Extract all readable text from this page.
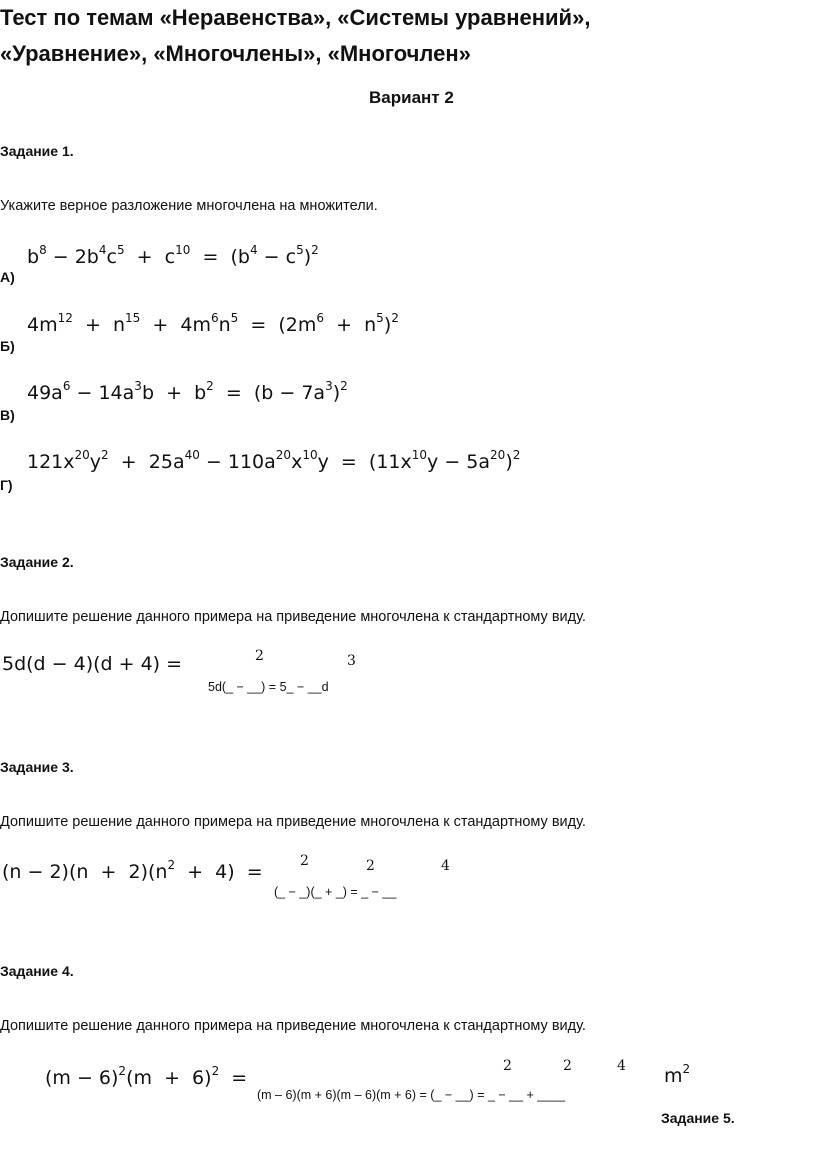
Тест по темам «Неравенства», «Системы уравнений»,
«Уравнение», «Многочлены», «Многочлен»
Вариант 2
Задание 1.
Укажите верное разложение многочлена на множители.
А)
$b^8 - 2b^4c^5 + c^{10} = (b^4 - c^5)^2$
Б)
$4m^{12} + n^{15} + 4m^6n^5 = (2m^6 + n^5)^2$
В)
$49a^6 - 14a^3b + b^2 = (b - 7a^3)^2$
Г)
$121x^{20}y^2 + 25a^{40} - 110a^{20}x^{10}y = (11x^{10}y - 5a^{20})^2$
Задание 2.
Допишите решение данного примера на приведение многочлена к стандартному виду.
5d(d − 4)(d + 4) =	2	3
5d(_ − __) = 5_ − __d
Задание 3.
Допишите решение данного примера на приведение многочлена к стандартному виду.
$(n - 2)(n + 2)(n^2 + 4)$  =	2	2	4
(_ − _)(_ + _) = _ − __
Задание 4.
Допишите решение данного примера на приведение многочлена к стандартному виду.
$(m - 6)^2(m + 6)^2$  =
2	2	4 $m^2$
(m – 6)(m + 6)(m – 6)(m + 6) = (_ − __) = _ − __ + ____
Задание 5.
